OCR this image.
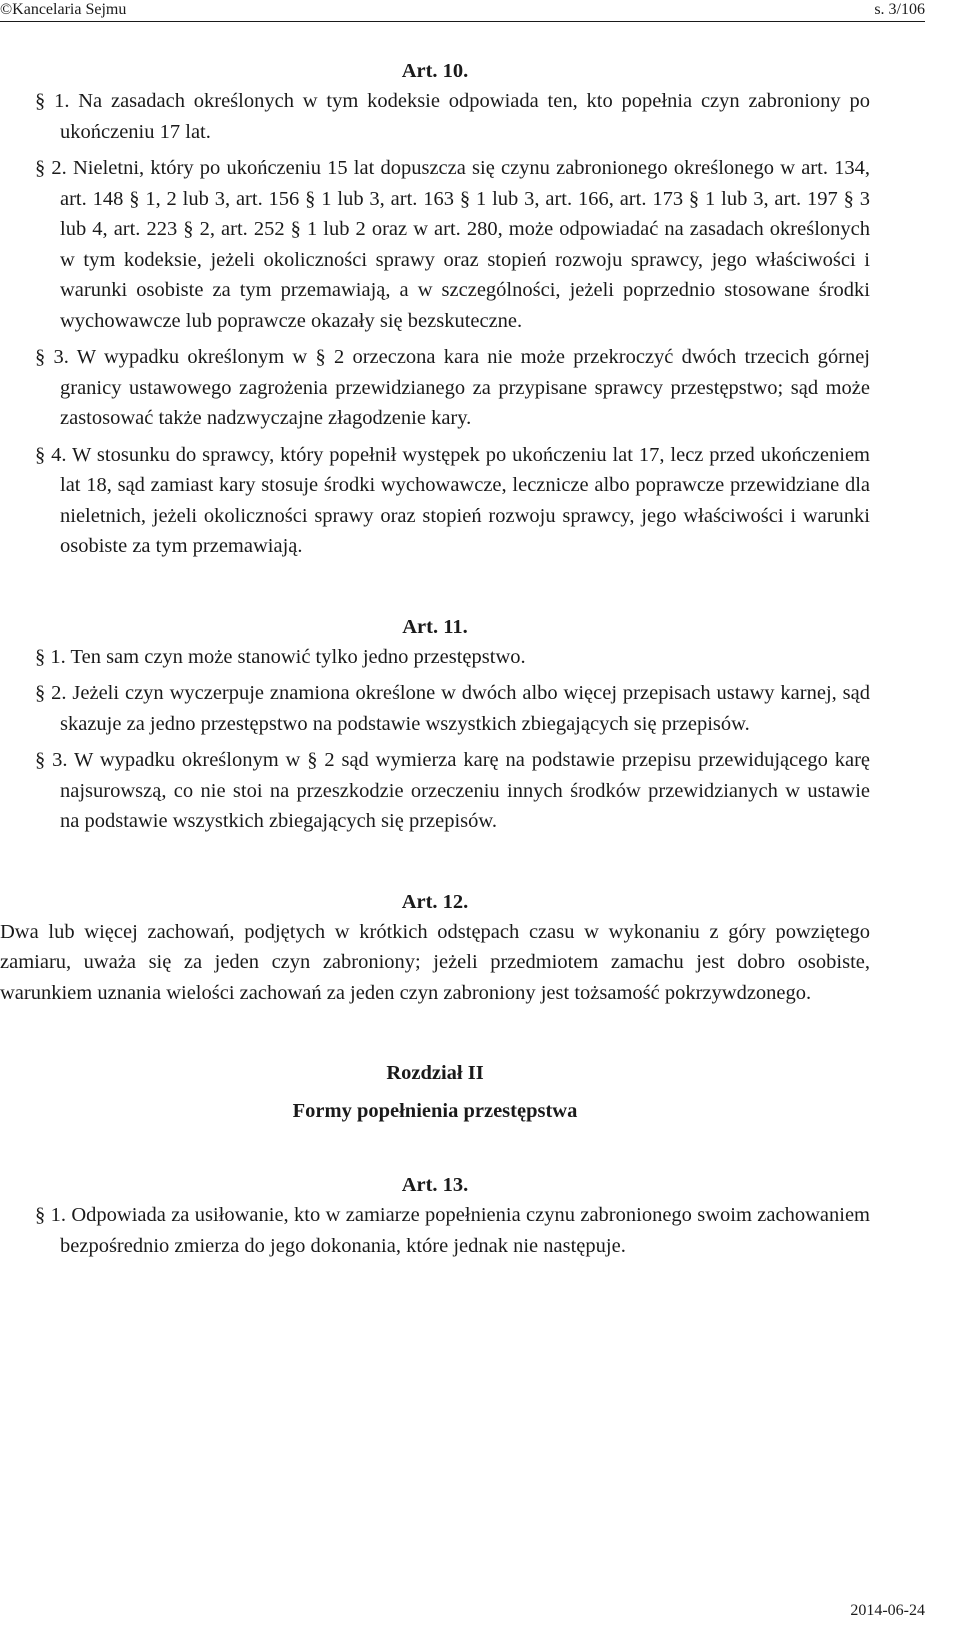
©Kancelaria Sejmu	s. 3/106

Art. 10.

§ 1. Na zasadach określonych w tym kodeksie odpowiada ten, kto popełnia czyn zabroniony po ukończeniu 17 lat.

§ 2. Nieletni, który po ukończeniu 15 lat dopuszcza się czynu zabronionego określonego w art. 134, art. 148 § 1, 2 lub 3, art. 156 § 1 lub 3, art. 163 § 1 lub 3, art. 166, art. 173 § 1 lub 3, art. 197 § 3 lub 4, art. 223 § 2, art. 252 § 1 lub 2 oraz w art. 280, może odpowiadać na zasadach określonych w tym kodeksie, jeżeli okoliczności sprawy oraz stopień rozwoju sprawcy, jego właściwości i warunki osobiste za tym przemawiają, a w szczególności, jeżeli poprzednio stosowane środki wychowawcze lub poprawcze okazały się bezskuteczne.

§ 3. W wypadku określonym w § 2 orzeczona kara nie może przekroczyć dwóch trzecich górnej granicy ustawowego zagrożenia przewidzianego za przypisane sprawcy przestępstwo; sąd może zastosować także nadzwyczajne złagodzenie kary.

§ 4. W stosunku do sprawcy, który popełnił występek po ukończeniu lat 17, lecz przed ukończeniem lat 18, sąd zamiast kary stosuje środki wychowawcze, lecznicze albo poprawcze przewidziane dla nieletnich, jeżeli okoliczności sprawy oraz stopień rozwoju sprawcy, jego właściwości i warunki osobiste za tym przemawiają.

Art. 11.

§ 1. Ten sam czyn może stanowić tylko jedno przestępstwo.

§ 2. Jeżeli czyn wyczerpuje znamiona określone w dwóch albo więcej przepisach ustawy karnej, sąd skazuje za jedno przestępstwo na podstawie wszystkich zbiegających się przepisów.

§ 3. W wypadku określonym w § 2 sąd wymierza karę na podstawie przepisu przewidującego karę najsurowszą, co nie stoi na przeszkodzie orzeczeniu innych środków przewidzianych w ustawie na podstawie wszystkich zbiegających się przepisów.

Art. 12.

Dwa lub więcej zachowań, podjętych w krótkich odstępach czasu w wykonaniu z góry powziętego zamiaru, uważa się za jeden czyn zabroniony; jeżeli przedmiotem zamachu jest dobro osobiste, warunkiem uznania wielości zachowań za jeden czyn zabroniony jest tożsamość pokrzywdzonego.

Rozdział II

Formy popełnienia przestępstwa

Art. 13.

§ 1. Odpowiada za usiłowanie, kto w zamiarze popełnienia czynu zabronionego swoim zachowaniem bezpośrednio zmierza do jego dokonania, które jednak nie następuje.

2014-06-24
